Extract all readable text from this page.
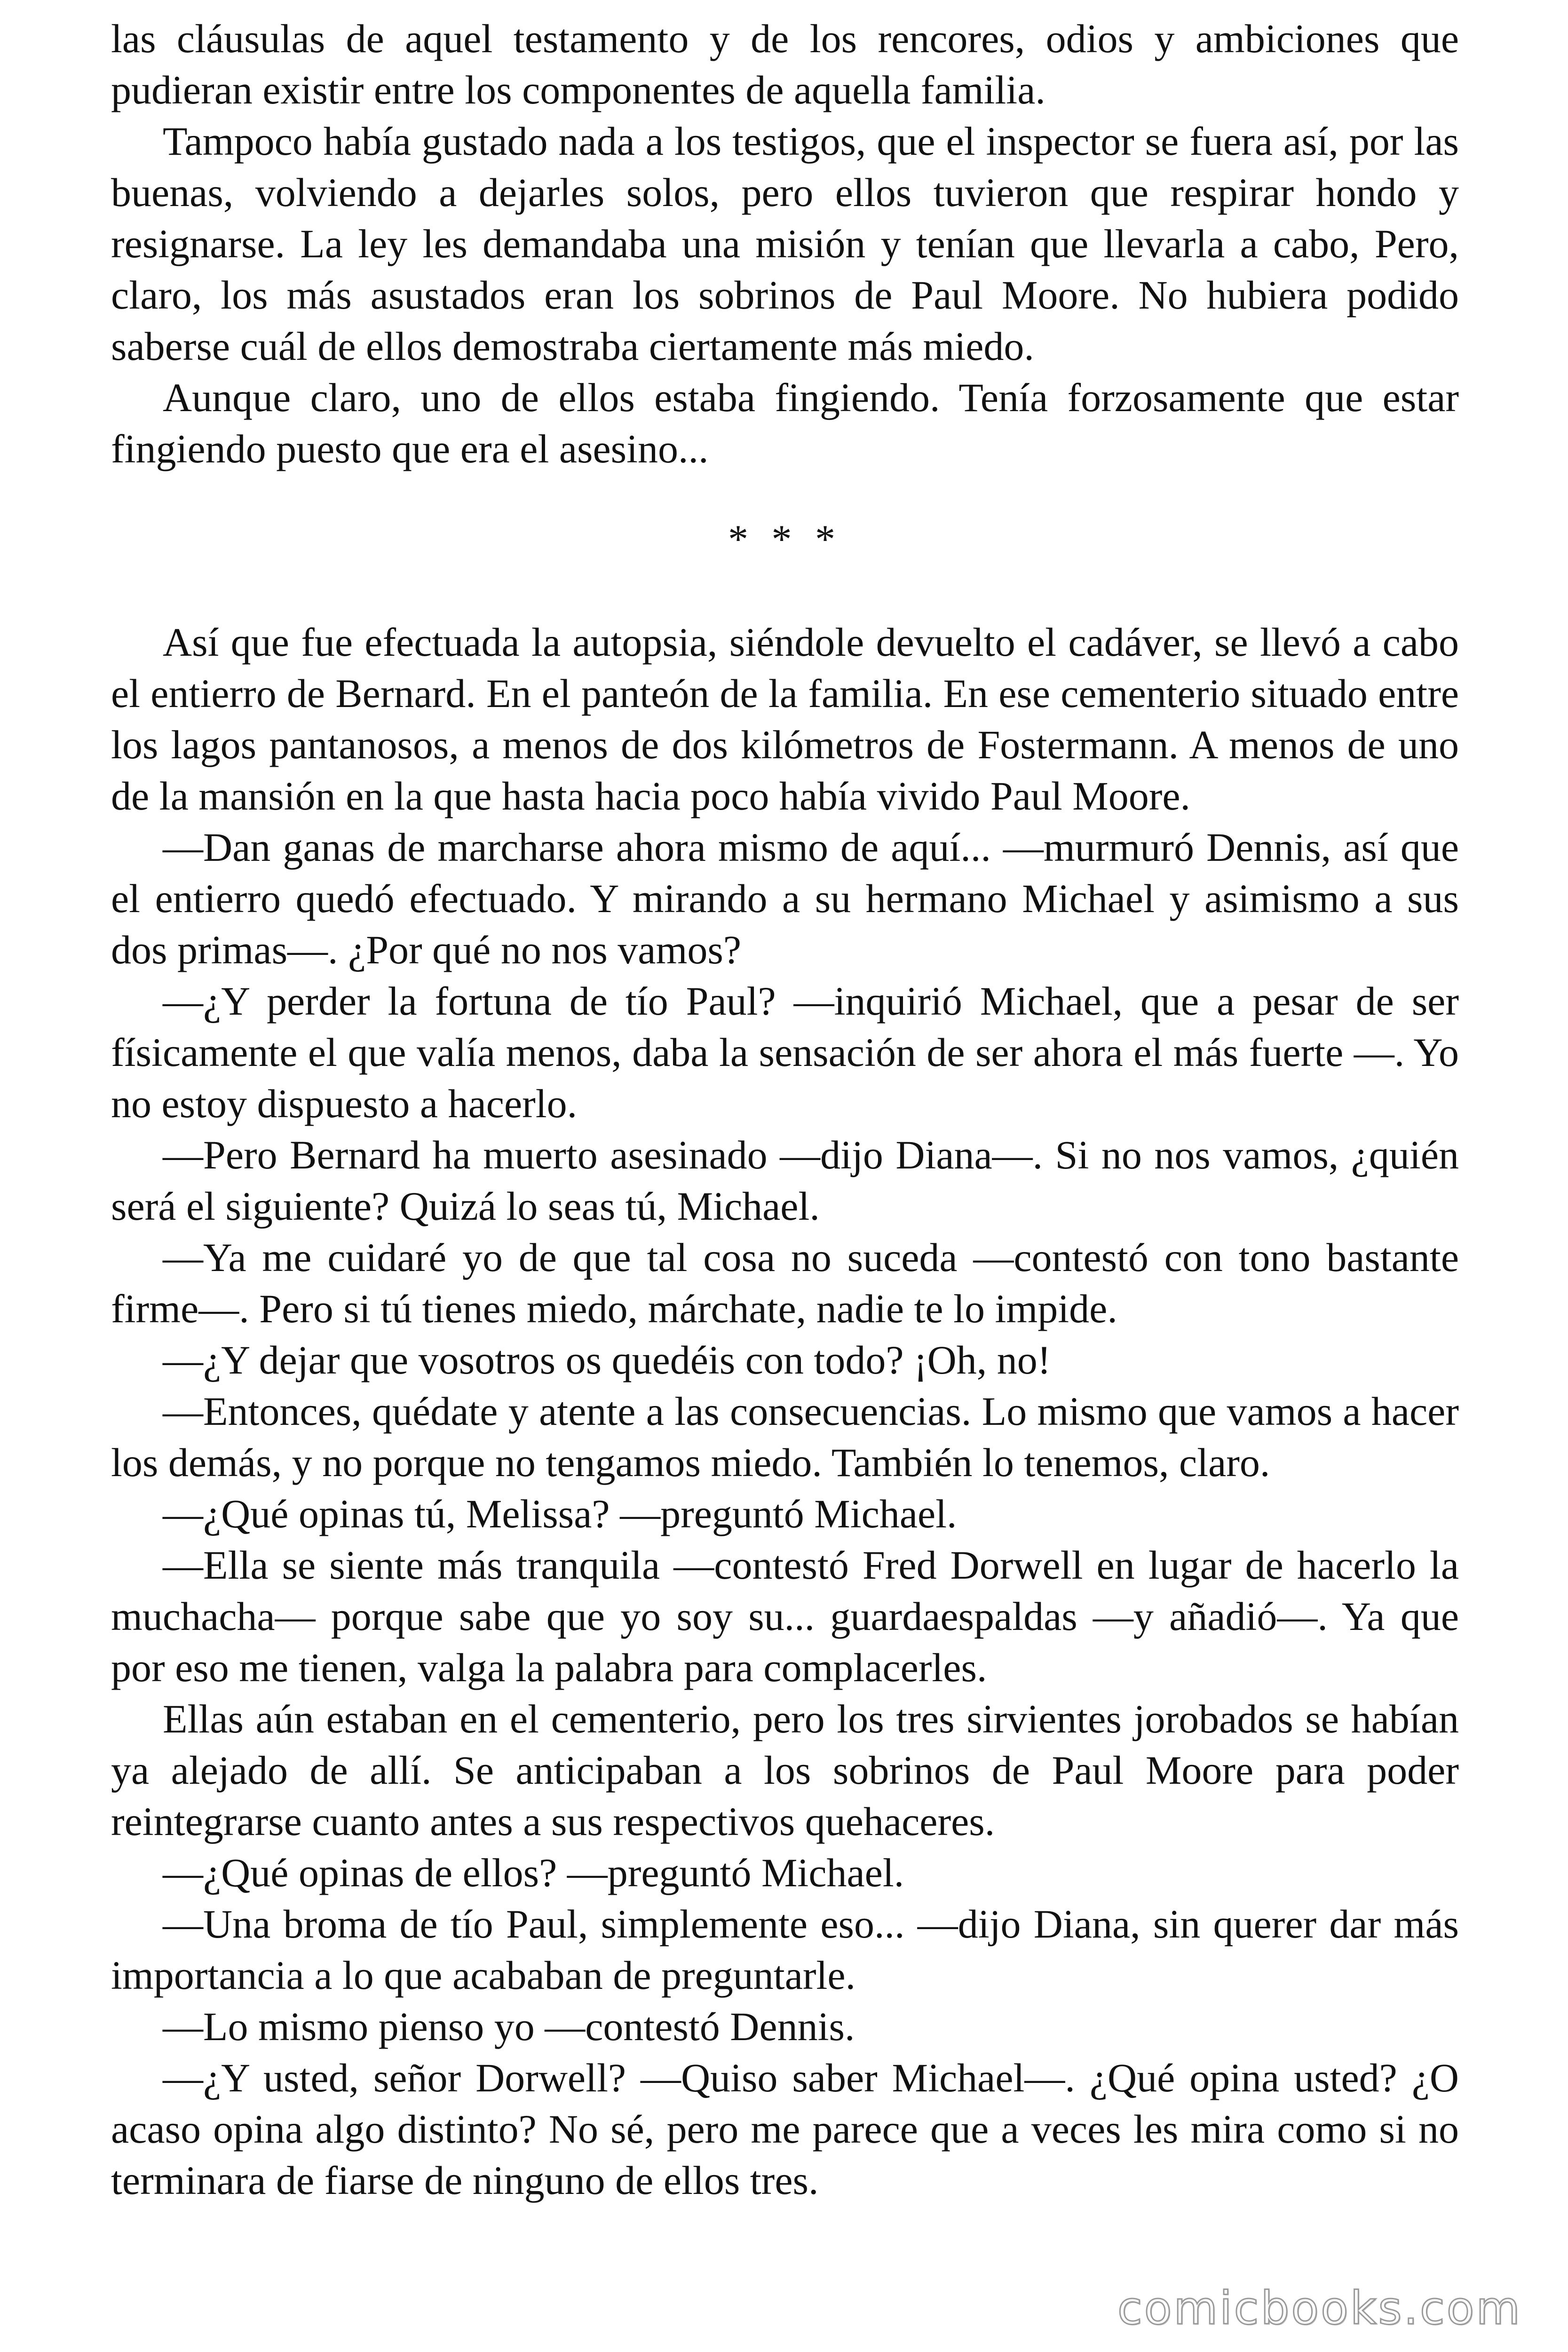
las cláusulas de aquel testamento y de los rencores, odios y ambiciones que pudieran existir entre los componentes de aquella familia.

Tampoco había gustado nada a los testigos, que el inspector se fuera así, por las buenas, volviendo a dejarles solos, pero ellos tuvieron que respirar hondo y resignarse. La ley les demandaba una misión y tenían que llevarla a cabo, Pero, claro, los más asustados eran los sobrinos de Paul Moore. No hubiera podido saberse cuál de ellos demostraba ciertamente más miedo.

Aunque claro, uno de ellos estaba fingiendo. Tenía forzosamente que estar fingiendo puesto que era el asesino...

* * *

Así que fue efectuada la autopsia, siéndole devuelto el cadáver, se llevó a cabo el entierro de Bernard. En el panteón de la familia. En ese cementerio situado entre los lagos pantanosos, a menos de dos kilómetros de Fostermann. A menos de uno de la mansión en la que hasta hacia poco había vivido Paul Moore.

—Dan ganas de marcharse ahora mismo de aquí... —murmuró Dennis, así que el entierro quedó efectuado. Y mirando a su hermano Michael y asimismo a sus dos primas—. ¿Por qué no nos vamos?

—¿Y perder la fortuna de tío Paul? —inquirió Michael, que a pesar de ser físicamente el que valía menos, daba la sensación de ser ahora el más fuerte —. Yo no estoy dispuesto a hacerlo.

—Pero Bernard ha muerto asesinado —dijo Diana—. Si no nos vamos, ¿quién será el siguiente? Quizá lo seas tú, Michael.

—Ya me cuidaré yo de que tal cosa no suceda —contestó con tono bastante firme—. Pero si tú tienes miedo, márchate, nadie te lo impide.

—¿Y dejar que vosotros os quedéis con todo? ¡Oh, no!

—Entonces, quédate y atente a las consecuencias. Lo mismo que vamos a hacer los demás, y no porque no tengamos miedo. También lo tenemos, claro.

—¿Qué opinas tú, Melissa? —preguntó Michael.

—Ella se siente más tranquila —contestó Fred Dorwell en lugar de hacerlo la muchacha— porque sabe que yo soy su... guardaespaldas —y añadió—. Ya que por eso me tienen, valga la palabra para complacerles.

Ellas aún estaban en el cementerio, pero los tres sirvientes jorobados se habían ya alejado de allí. Se anticipaban a los sobrinos de Paul Moore para poder reintegrarse cuanto antes a sus respectivos quehaceres.

—¿Qué opinas de ellos? —preguntó Michael.

—Una broma de tío Paul, simplemente eso... —dijo Diana, sin querer dar más importancia a lo que acababan de preguntarle.

—Lo mismo pienso yo —contestó Dennis.

—¿Y usted, señor Dorwell? —Quiso saber Michael—. ¿Qué opina usted? ¿O acaso opina algo distinto? No sé, pero me parece que a veces les mira como si no terminara de fiarse de ninguno de ellos tres.

comicbooks.com
